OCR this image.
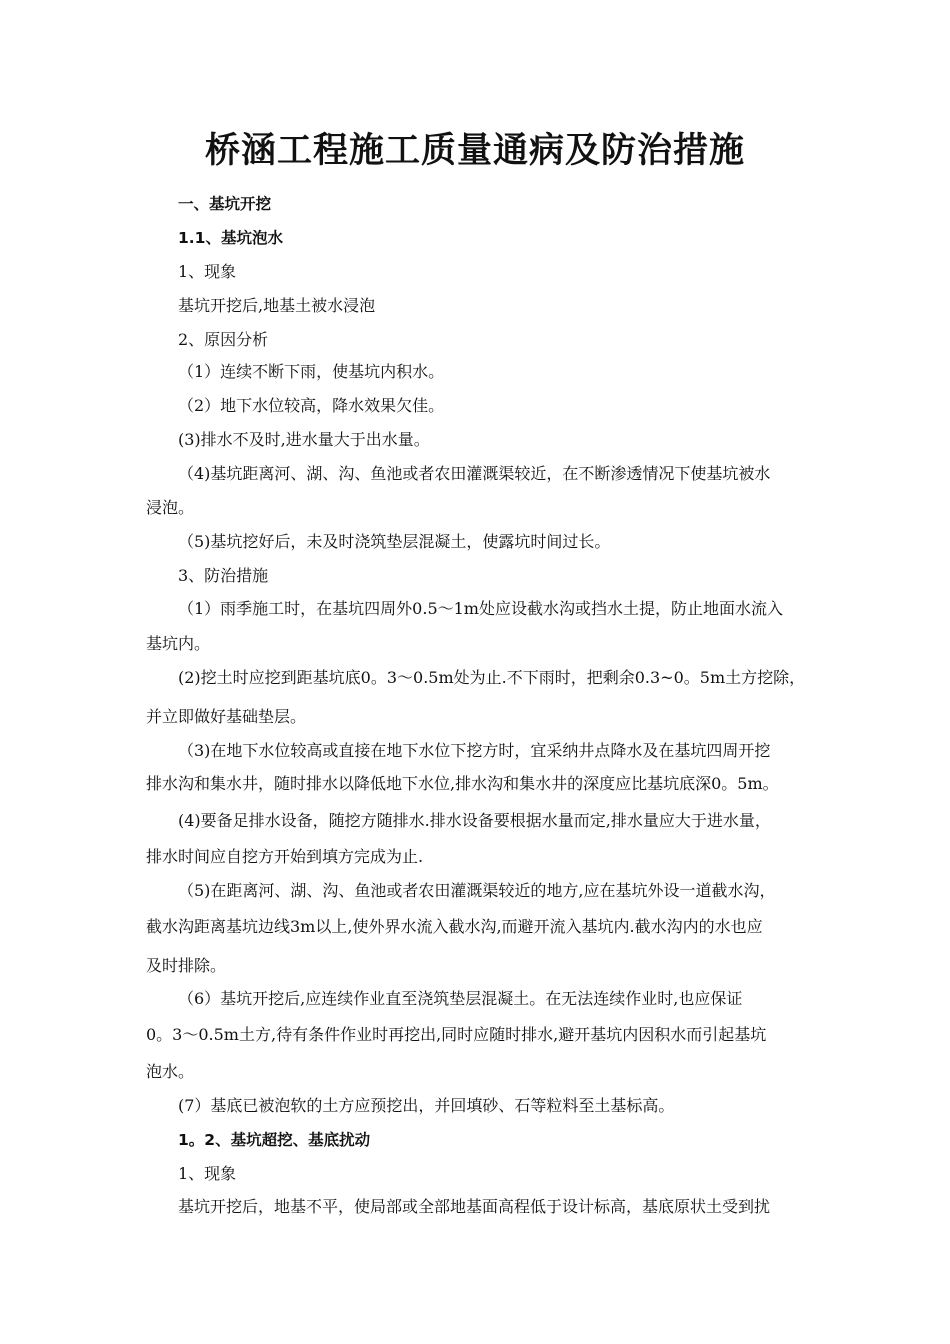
桥涵工程施工质量通病及防治措施
一、基坑开挖
1.1、基坑泡水
1、现象
基坑开挖后,地基土被水浸泡
2、原因分析
（1）连续不断下雨，使基坑内积水。
（2）地下水位较高，降水效果欠佳。
(3)排水不及时,进水量大于出水量。
（4)基坑距离河、湖、沟、鱼池或者农田灌溉渠较近，在不断渗透情况下使基坑被水
浸泡。
（5)基坑挖好后，未及时浇筑垫层混凝土，使露坑时间过长。
3、防治措施
（1）雨季施工时，在基坑四周外0.5～1m处应设截水沟或挡水土提，防止地面水流入
基坑内。
(2)挖土时应挖到距基坑底0。3～0.5m处为止.不下雨时，把剩余0.3~0。5m土方挖除，
并立即做好基础垫层。
（3)在地下水位较高或直接在地下水位下挖方时，宜采纳井点降水及在基坑四周开挖
排水沟和集水井，随时排水以降低地下水位,排水沟和集水井的深度应比基坑底深0。5m。
(4)要备足排水设备，随挖方随排水.排水设备要根据水量而定,排水量应大于进水量，
排水时间应自挖方开始到填方完成为止.
（5)在距离河、湖、沟、鱼池或者农田灌溉渠较近的地方,应在基坑外设一道截水沟，
截水沟距离基坑边线3m以上,使外界水流入截水沟,而避开流入基坑内.截水沟内的水也应
及时排除。
（6）基坑开挖后,应连续作业直至浇筑垫层混凝土。在无法连续作业时,也应保证
0。3～0.5m土方,待有条件作业时再挖出,同时应随时排水,避开基坑内因积水而引起基坑
泡水。
(7）基底已被泡软的土方应预挖出，并回填砂、石等粒料至土基标高。
1。2、基坑超挖、基底扰动
1、现象
基坑开挖后，地基不平，使局部或全部地基面高程低于设计标高，基底原状土受到扰
